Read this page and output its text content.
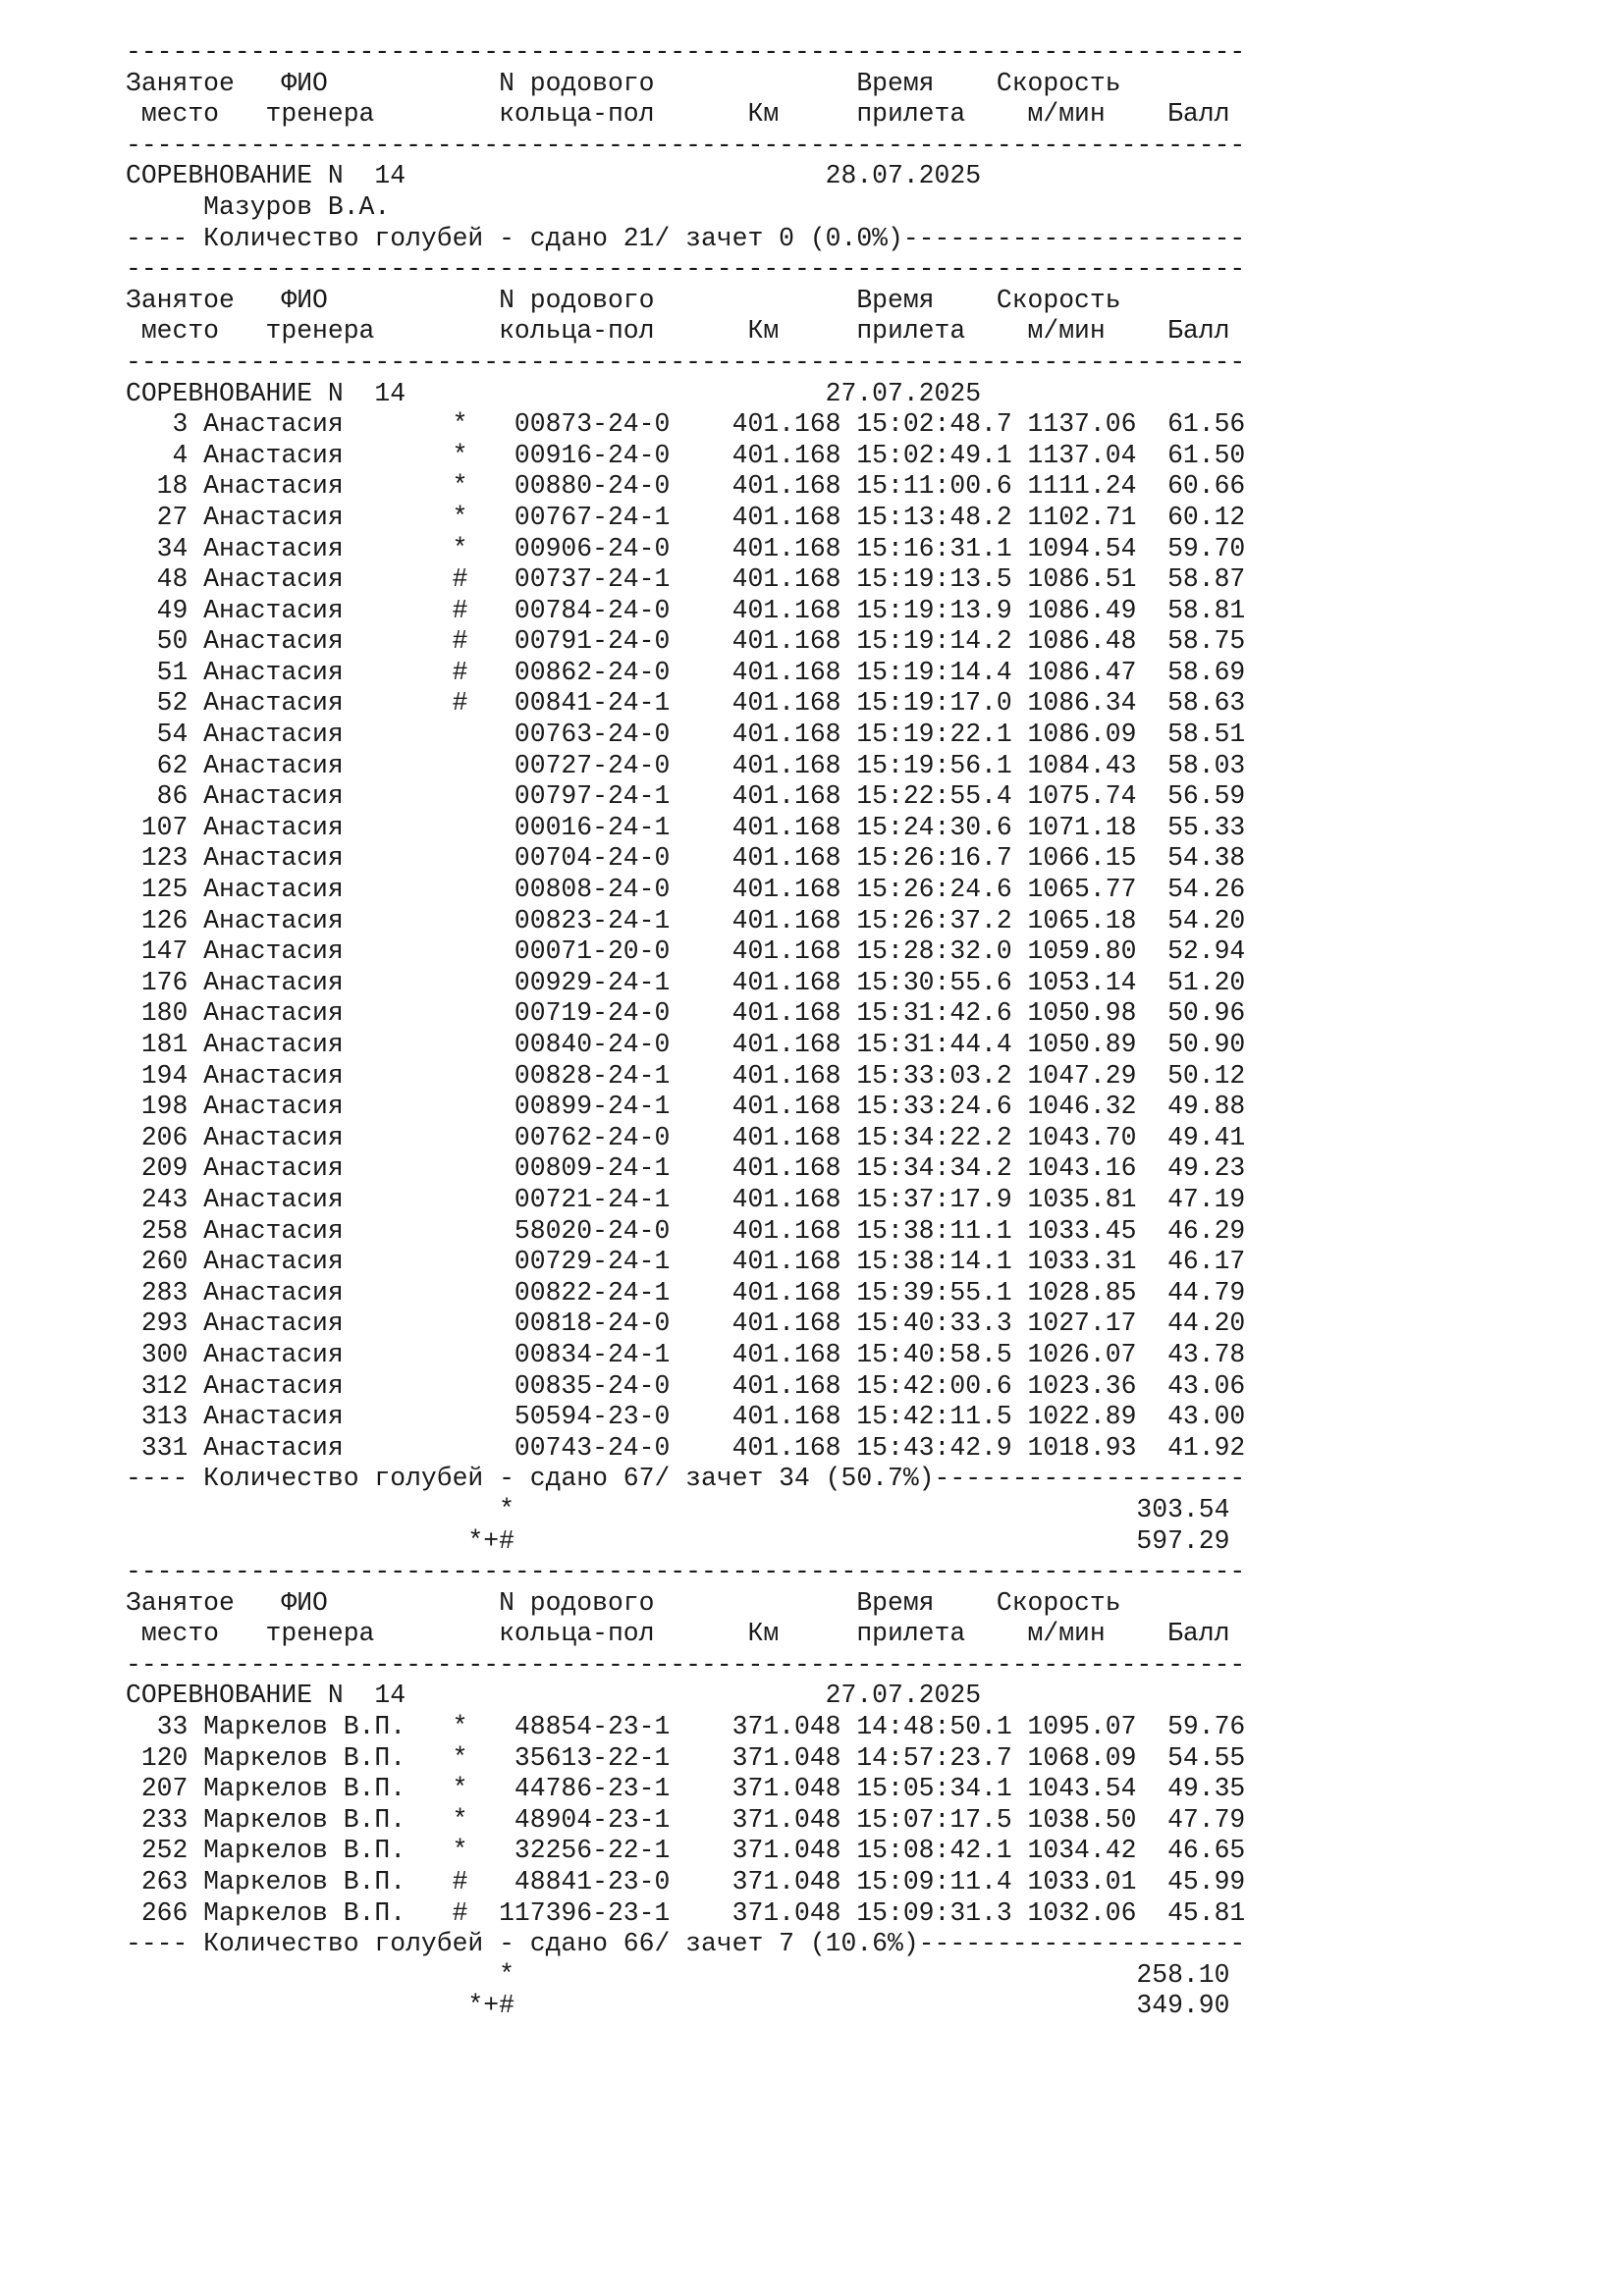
------------------------------------------------------------------------
Занятое   ФИО           N родового             Время    Скорость
место   тренера        кольца-пол      Км     прилета    м/мин    Балл
------------------------------------------------------------------------
СОРЕВНОВАНИЕ N  14                           28.07.2025
Мазуров В.А.
---- Количество голубей - сдано 21/ зачет 0 (0.0%)----------------------
------------------------------------------------------------------------
Занятое   ФИО           N родового             Время    Скорость
место   тренера        кольца-пол      Км     прилета    м/мин    Балл
------------------------------------------------------------------------
СОРЕВНОВАНИЕ N  14                           27.07.2025
3 Анастасия       *   00873-24-0    401.168 15:02:48.7 1137.06  61.56
4 Анастасия       *   00916-24-0    401.168 15:02:49.1 1137.04  61.50
18 Анастасия       *   00880-24-0    401.168 15:11:00.6 1111.24  60.66
27 Анастасия       *   00767-24-1    401.168 15:13:48.2 1102.71  60.12
34 Анастасия       *   00906-24-0    401.168 15:16:31.1 1094.54  59.70
48 Анастасия       #   00737-24-1    401.168 15:19:13.5 1086.51  58.87
49 Анастасия       #   00784-24-0    401.168 15:19:13.9 1086.49  58.81
50 Анастасия       #   00791-24-0    401.168 15:19:14.2 1086.48  58.75
51 Анастасия       #   00862-24-0    401.168 15:19:14.4 1086.47  58.69
52 Анастасия       #   00841-24-1    401.168 15:19:17.0 1086.34  58.63
54 Анастасия           00763-24-0    401.168 15:19:22.1 1086.09  58.51
62 Анастасия           00727-24-0    401.168 15:19:56.1 1084.43  58.03
86 Анастасия           00797-24-1    401.168 15:22:55.4 1075.74  56.59
107 Анастасия           00016-24-1    401.168 15:24:30.6 1071.18  55.33
123 Анастасия           00704-24-0    401.168 15:26:16.7 1066.15  54.38
125 Анастасия           00808-24-0    401.168 15:26:24.6 1065.77  54.26
126 Анастасия           00823-24-1    401.168 15:26:37.2 1065.18  54.20
147 Анастасия           00071-20-0    401.168 15:28:32.0 1059.80  52.94
176 Анастасия           00929-24-1    401.168 15:30:55.6 1053.14  51.20
180 Анастасия           00719-24-0    401.168 15:31:42.6 1050.98  50.96
181 Анастасия           00840-24-0    401.168 15:31:44.4 1050.89  50.90
194 Анастасия           00828-24-1    401.168 15:33:03.2 1047.29  50.12
198 Анастасия           00899-24-1    401.168 15:33:24.6 1046.32  49.88
206 Анастасия           00762-24-0    401.168 15:34:22.2 1043.70  49.41
209 Анастасия           00809-24-1    401.168 15:34:34.2 1043.16  49.23
243 Анастасия           00721-24-1    401.168 15:37:17.9 1035.81  47.19
258 Анастасия           58020-24-0    401.168 15:38:11.1 1033.45  46.29
260 Анастасия           00729-24-1    401.168 15:38:14.1 1033.31  46.17
283 Анастасия           00822-24-1    401.168 15:39:55.1 1028.85  44.79
293 Анастасия           00818-24-0    401.168 15:40:33.3 1027.17  44.20
300 Анастасия           00834-24-1    401.168 15:40:58.5 1026.07  43.78
312 Анастасия           00835-24-0    401.168 15:42:00.6 1023.36  43.06
313 Анастасия           50594-23-0    401.168 15:42:11.5 1022.89  43.00
331 Анастасия           00743-24-0    401.168 15:43:42.9 1018.93  41.92
---- Количество голубей - сдано 67/ зачет 34 (50.7%)--------------------
*                                        303.54
*+#                                        597.29
------------------------------------------------------------------------
Занятое   ФИО           N родового             Время    Скорость
место   тренера        кольца-пол      Км     прилета    м/мин    Балл
------------------------------------------------------------------------
СОРЕВНОВАНИЕ N  14                           27.07.2025
33 Маркелов В.П.   *   48854-23-1    371.048 14:48:50.1 1095.07  59.76
120 Маркелов В.П.   *   35613-22-1    371.048 14:57:23.7 1068.09  54.55
207 Маркелов В.П.   *   44786-23-1    371.048 15:05:34.1 1043.54  49.35
233 Маркелов В.П.   *   48904-23-1    371.048 15:07:17.5 1038.50  47.79
252 Маркелов В.П.   *   32256-22-1    371.048 15:08:42.1 1034.42  46.65
263 Маркелов В.П.   #   48841-23-0    371.048 15:09:11.4 1033.01  45.99
266 Маркелов В.П.   #  117396-23-1    371.048 15:09:31.3 1032.06  45.81
---- Количество голубей - сдано 66/ зачет 7 (10.6%)---------------------
*                                        258.10
*+#                                        349.90
